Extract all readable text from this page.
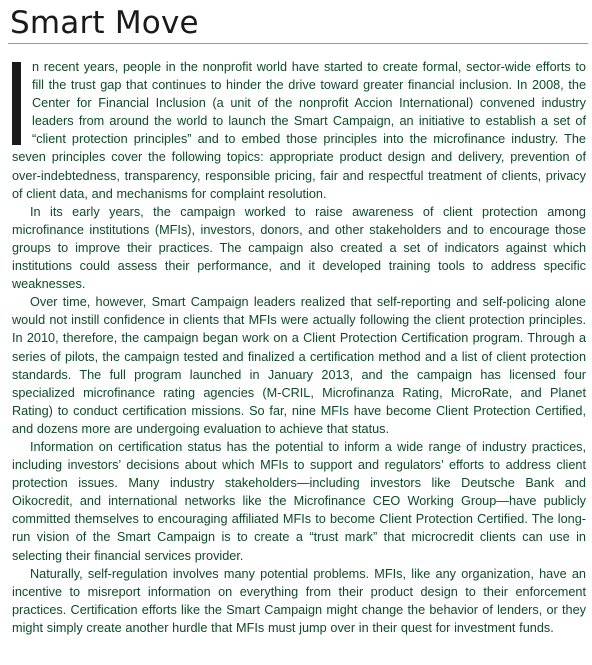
Smart Move

n recent years, people in the nonprofit world have started to create formal, sector-wide efforts to fill the trust gap that continues to hinder the drive toward greater financial inclusion. In 2008, the Center for Financial Inclusion (a unit of the nonprofit Accion International) convened industry leaders from around the world to launch the Smart Campaign, an initiative to establish a set of “client protection principles” and to embed those principles into the microfinance industry. The seven principles cover the following topics: appropriate product design and delivery, prevention of over-indebtedness, transparency, responsible pricing, fair and respectful treatment of clients, privacy of client data, and mechanisms for complaint resolution.

In its early years, the campaign worked to raise awareness of client protection among microfinance institutions (MFIs), investors, donors, and other stakeholders and to encourage those groups to improve their practices. The campaign also created a set of indicators against which institutions could assess their performance, and it developed training tools to address specific weaknesses.

Over time, however, Smart Campaign leaders realized that self-reporting and self-policing alone would not instill confidence in clients that MFIs were actually following the client protection principles. In 2010, therefore, the campaign began work on a Client Protection Certification program. Through a series of pilots, the campaign tested and finalized a certification method and a list of client protection standards. The full program launched in January 2013, and the campaign has licensed four specialized microfinance rating agencies (M-CRIL, Microfinanza Rating, MicroRate, and Planet Rating) to conduct certification missions. So far, nine MFIs have become Client Protection Certified, and dozens more are undergoing evaluation to achieve that status.

Information on certification status has the potential to inform a wide range of industry practices, including investors’ decisions about which MFIs to support and regulators’ efforts to address client protection issues. Many industry stakeholders—including investors like Deutsche Bank and Oikocredit, and international networks like the Microfinance CEO Working Group—have publicly committed themselves to encouraging affiliated MFIs to become Client Protection Certified. The long-run vision of the Smart Campaign is to create a “trust mark” that microcredit clients can use in selecting their financial services provider.

Naturally, self-regulation involves many potential problems. MFIs, like any organization, have an incentive to misreport information on everything from their product design to their enforcement practices. Certification efforts like the Smart Campaign might change the behavior of lenders, or they might simply create another hurdle that MFIs must jump over in their quest for investment funds.
